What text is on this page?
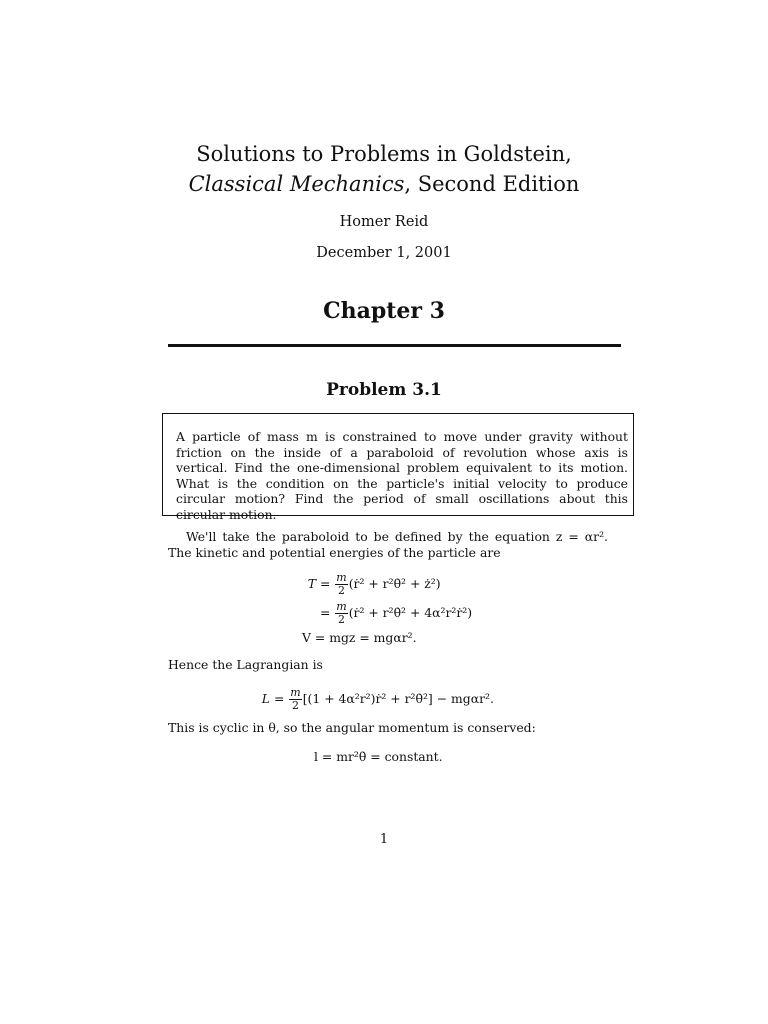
Solutions to Problems in Goldstein,
Classical Mechanics, Second Edition
Homer Reid
December 1, 2001
Chapter 3
Problem 3.1
A particle of mass m is constrained to move under gravity without friction on the inside of a paraboloid of revolution whose axis is vertical. Find the one-dimensional problem equivalent to its motion. What is the condition on the particle's initial velocity to produce circular motion? Find the period of small oscillations about this circular motion.
We'll take the paraboloid to be defined by the equation z = αr². The kinetic and potential energies of the particle are
$T = \frac{m}{2}$ (ṙ² + r²θ̇² + ż²)
= $\frac{m}{2}$ (ṙ² + r²θ̇² + 4α²r²ṙ²)
V = mgz = mgαr².
Hence the Lagrangian is
$L = \frac{m}{2} [(1$ + 4α²r²)ṙ² + r²θ̇²] − mgαr².
This is cyclic in θ, so the angular momentum is conserved:
l = mr²θ̇ = constant.
1
